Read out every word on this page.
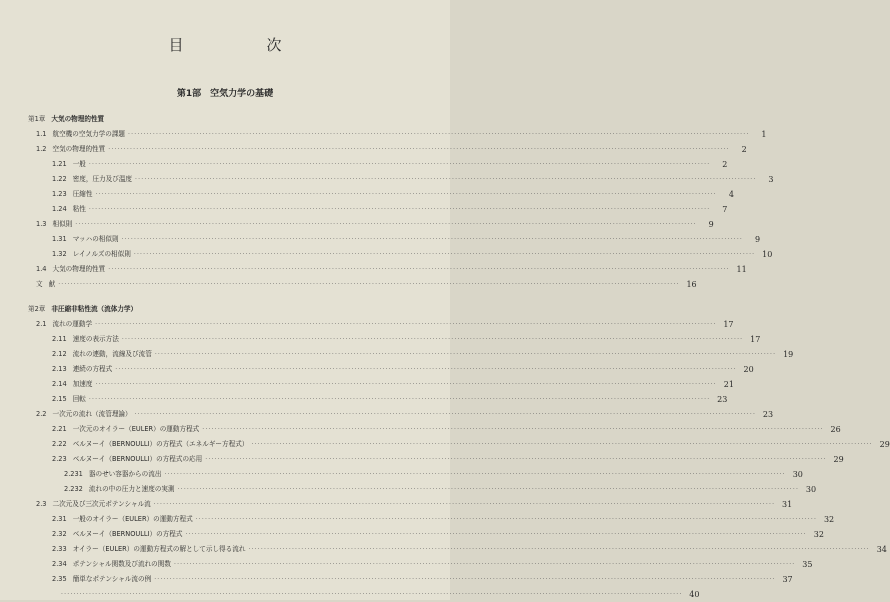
目　次
第1部　空気力学の基礎
第1章 大気の物理的性質
1.1 航空機の空気力学の課題 ········································································································································································································	1
1.2 空気の物理的性質 ········································································································································································································	2
1.21 一般 ········································································································································································································	2
1.22 密度，圧力及び温度 ········································································································································································································	3
1.23 圧縮性 ········································································································································································································	4
1.24 粘性 ········································································································································································································	7
1.3 相似則 ········································································································································································································	9
1.31 マッハの相似則 ········································································································································································································	9
1.32 レイノルズの相似則 ········································································································································································································ 10
1.4 大気の物理的性質 ········································································································································································································ 11
文 献 ········································································································································································································ 16
第2章 非圧縮非粘性流（流体力学）
2.1 流れの運動学 ········································································································································································································ 17
2.11 速度の表示方法 ········································································································································································································ 17
2.12 流れの連動，流線及び流管 ········································································································································································································ 19
2.13 連続の方程式 ········································································································································································································ 20
2.14 加速度 ········································································································································································································ 21
2.15 回転 ········································································································································································································ 23
2.2 一次元の流れ（流管理論） ········································································································································································································ 23
2.21 一次元のオイラー（EULER）の運動方程式 ········································································································································································································ 26
2.22 ベルヌーイ（BERNOULLI）の方程式（エネルギー方程式） ········································································································································································································ 29
2.23 ベルヌーイ（BERNOULLI）の方程式の応用 ········································································································································································································ 29
2.231 器のせい容器からの流出 ········································································································································································································ 30
2.232 流れの中の圧力と速度の実測 ········································································································································································································ 30
2.3 二次元及び三次元ポテンシャル流 ········································································································································································································ 31
2.31 一般のオイラー（EULER）の運動方程式 ········································································································································································································ 32
2.32 ベルヌーイ（BERNOULLI）の方程式 ········································································································································································································ 32
2.33 オイラー（EULER）の運動方程式の解として示し得る流れ ········································································································································································································ 34
2.34 ポテンシャル関数及び流れの関数 ········································································································································································································ 35
2.35 簡単なポテンシャル流の例 ········································································································································································································ 37
········································································································································································································ 40
